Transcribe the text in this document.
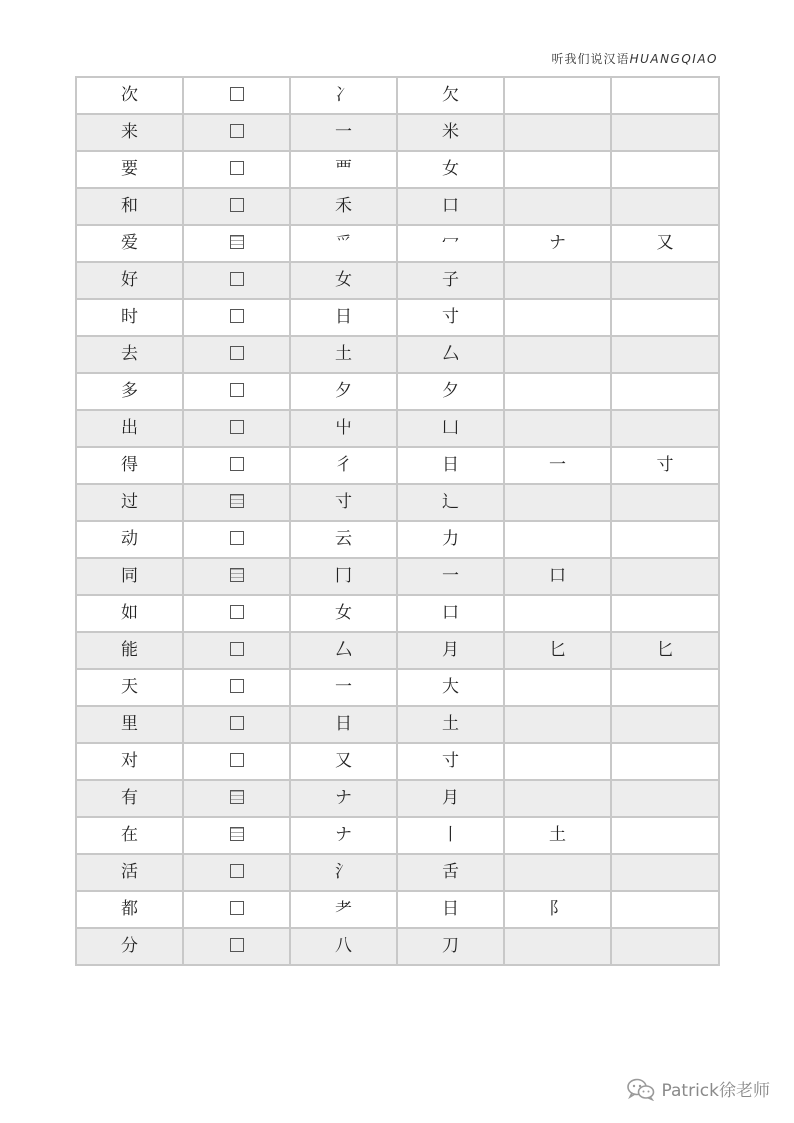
听我们说汉语HUANGQIAO
次		冫	欠		
来		一	米		
要		覀	女		
和		禾	口		
爱		爫	冖	ナ	又
好		女	子		
时		日	寸		
去		土	厶		
多		夕	夕		
出		屮	凵		
得		彳	日	一	寸
过		寸	辶		
动		云	力		
同		冂	一	口	
如		女	口		
能		厶	月	匕	匕
天		一	大		
里		日	土		
对		又	寸		
有		ナ	月		
在		ナ	丨	土	
活		氵	舌		
都		耂	日	阝	
分		八	刀		
Patrick徐老师
